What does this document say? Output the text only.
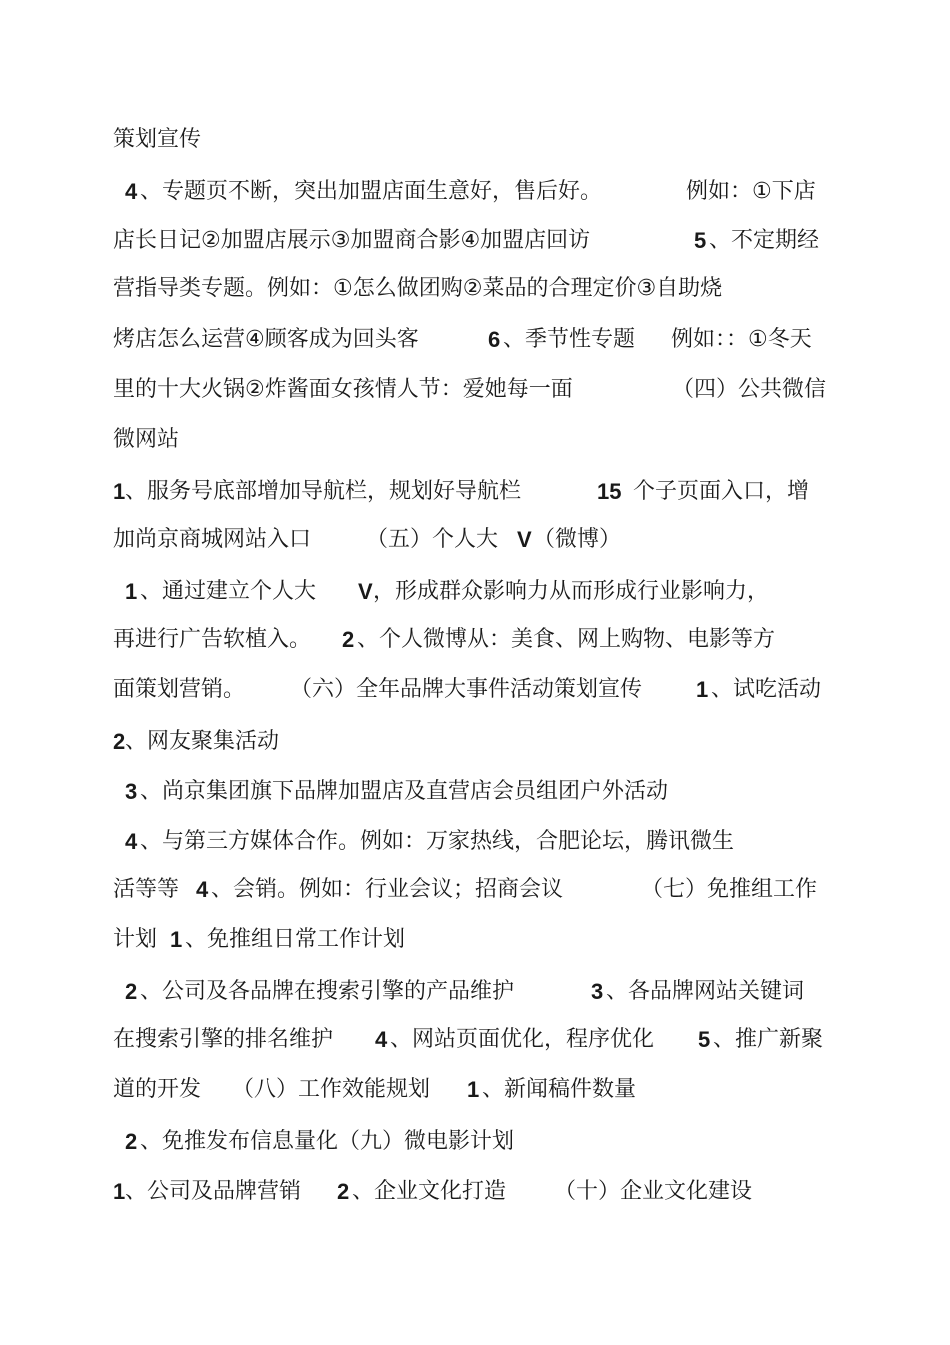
策划宣传
4 、专题页不断，突出加盟店面生意好，售后好。	例如：①下店
店长日记②加盟店展示③加盟商合影④加盟店回访	5 、不定期经
营指导类专题。例如：①怎么做团购②菜品的合理定价③自助烧
烤店怎么运营④顾客成为回头客	6 、季节性专题 例如：：①冬天
里的十大火锅②炸酱面女孩情人节：爱她每一面	（四）公共微信
微网站
1 、服务号底部增加导航栏，规划好导航栏	15 个子页面入口，增
加尚京商城网站入口 （五）个人大 V （微博）
1 、通过建立个人大 V ，形成群众影响力从而形成行业影响力，
再进行广告软植入。 2 、个人微博从：美食、网上购物、电影等方
面策划营销。 （六）全年品牌大事件活动策划宣传 1 、试吃活动
2 、网友聚集活动
3 、尚京集团旗下品牌加盟店及直营店会员组团户外活动
4 、与第三方媒体合作。例如：万家热线，合肥论坛，腾讯微生
活等等 4 、会销。例如：行业会议；招商会议	（七）免推组工作
计划 1 、免推组日常工作计划
2 、公司及各品牌在搜索引擎的产品维护	3 、各品牌网站关键词
在搜索引擎的排名维护 4 、网站页面优化，程序优化 5 、推广新聚
道的开发 （八）工作效能规划 1 、新闻稿件数量
2 、免推发布信息量化（九）微电影计划
1 、公司及品牌营销 2 、企业文化打造 （十）企业文化建设
